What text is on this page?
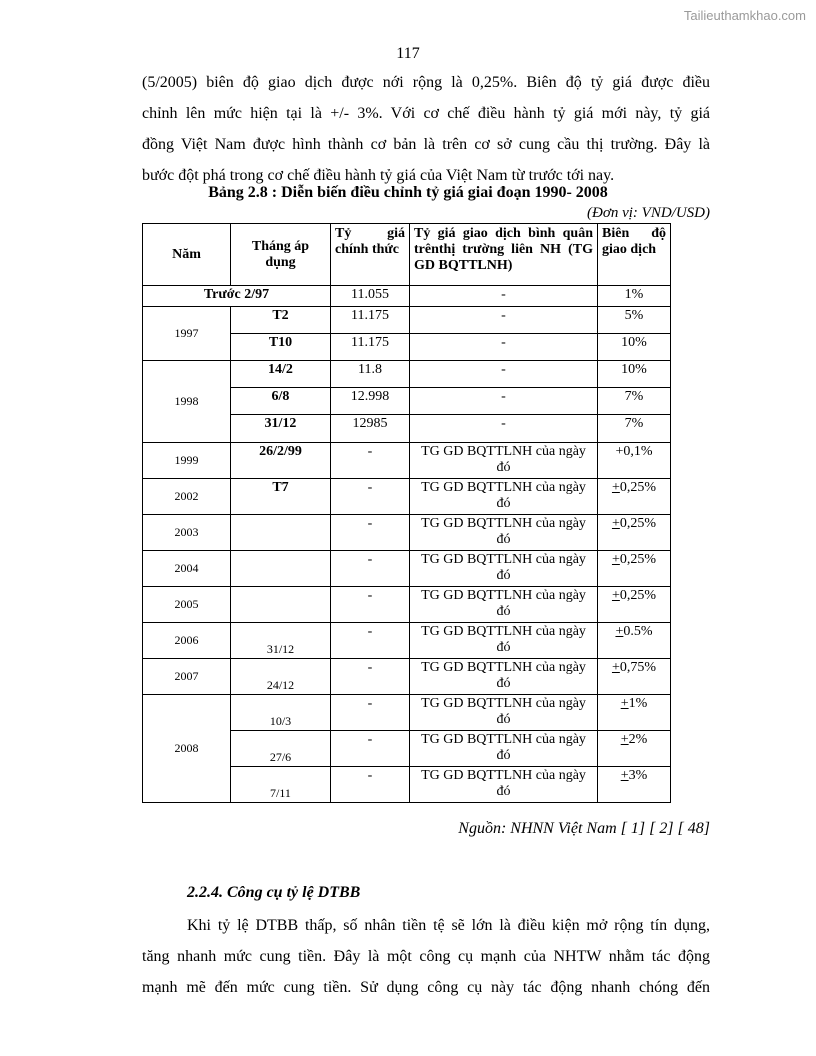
Tailieuthamkhao.com
117
(5/2005) biên độ giao dịch được nới rộng là 0,25%. Biên độ tỷ giá được điều
chỉnh lên mức hiện tại là +/- 3%. Với cơ chế điều hành tỷ giá mới này, tỷ giá
đồng Việt Nam được hình thành cơ bản là trên cơ sở cung cầu thị trường. Đây là
bước đột phá trong cơ chế điều hành tỷ giá của Việt Nam từ trước tới nay.
Bảng 2.8 : Diễn biến điều chỉnh tỷ giá giai đoạn 1990- 2008
(Đơn vị: VND/USD)
Năm	Tháng áp dụng	Tỷ giá chính thức	Tỷ giá giao dịch bình quân trênthị trường liên NH (TG GD BQTTLNH)	Biên độ giao dịch
Trước 2/97		11.055	-	1%
1997	T2	11.175	-	5%
	T10	11.175	-	10%
1998	14/2	11.8	-	10%
	6/8	12.998	-	7%
	31/12	12985	-	7%
1999	26/2/99	-	TG GD BQTTLNH của ngày đó	+0,1%
2002	T7	-	TG GD BQTTLNH của ngày đó	+0,25%
2003		-	TG GD BQTTLNH của ngày đó	+0,25%
2004		-	TG GD BQTTLNH của ngày đó	+0,25%
2005		-	TG GD BQTTLNH của ngày đó	+0,25%
2006	31/12	-	TG GD BQTTLNH của ngày đó	+0.5%
2007	24/12	-	TG GD BQTTLNH của ngày đó	+0,75%
2008	10/3	-	TG GD BQTTLNH của ngày đó	+1%
	27/6	-	TG GD BQTTLNH của ngày đó	+2%
	7/11	-	TG GD BQTTLNH của ngày đó	+3%
Nguồn: NHNN Việt Nam [ 1] [ 2] [ 48]
2.2.4. Công cụ tỷ lệ DTBB
Khi tỷ lệ DTBB thấp, số nhân tiền tệ sẽ lớn là điều kiện mở rộng tín dụng,
tăng nhanh mức cung tiền. Đây là một công cụ mạnh của NHTW nhằm tác động
mạnh mẽ đến mức cung tiền. Sử dụng công cụ này tác động nhanh chóng đến
